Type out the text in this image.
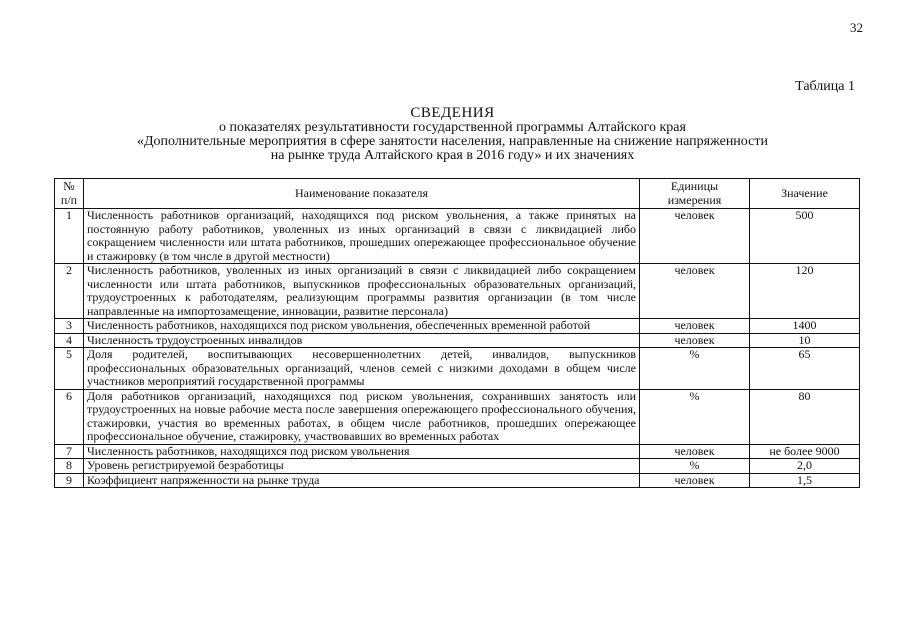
32
Таблица 1
СВЕДЕНИЯ
о показателях результативности государственной программы Алтайского края
«Дополнительные мероприятия в сфере занятости населения, направленные на снижение напряженности
на рынке труда Алтайского края в 2016 году» и их значениях
№ п/п	Наименование показателя	Единицы измерения	Значение
1	Численность работников организаций, находящихся под риском увольнения, а также принятых на постоянную работу работников, уволенных из иных организаций в связи с ликвидацией либо сокращением численности или штата работников, прошедших опережающее профессиональное обучение и стажировку (в том числе в другой местности)	человек	500
2	Численность работников, уволенных из иных организаций в связи с ликвидацией либо сокращением численности или штата работников, выпускников профессиональных образовательных организаций, трудоустроенных к работодателям, реализующим программы развития организации (в том числе направленные на импортозамещение, инновации, развитие персонала)	человек	120
3	Численность работников, находящихся под риском увольнения, обеспеченных временной работой	человек	1400
4	Численность трудоустроенных инвалидов	человек	10
5	Доля родителей, воспитывающих несовершеннолетних детей, инвалидов, выпускников профессиональных образовательных организаций, членов семей с низкими доходами в общем числе участников мероприятий государственной программы	%	65
6	Доля работников организаций, находящихся под риском увольнения, сохранивших занятость или трудоустроенных на новые рабочие места после завершения опережающего профессионального обучения, стажировки, участия во временных работах, в общем числе работников, прошедших опережающее профессиональное обучение, стажировку, участвовавших во временных работах	%	80
7	Численность работников, находящихся под риском увольнения	человек	не более 9000
8	Уровень регистрируемой безработицы	%	2,0
9	Коэффициент напряженности на рынке труда	человек	1,5
